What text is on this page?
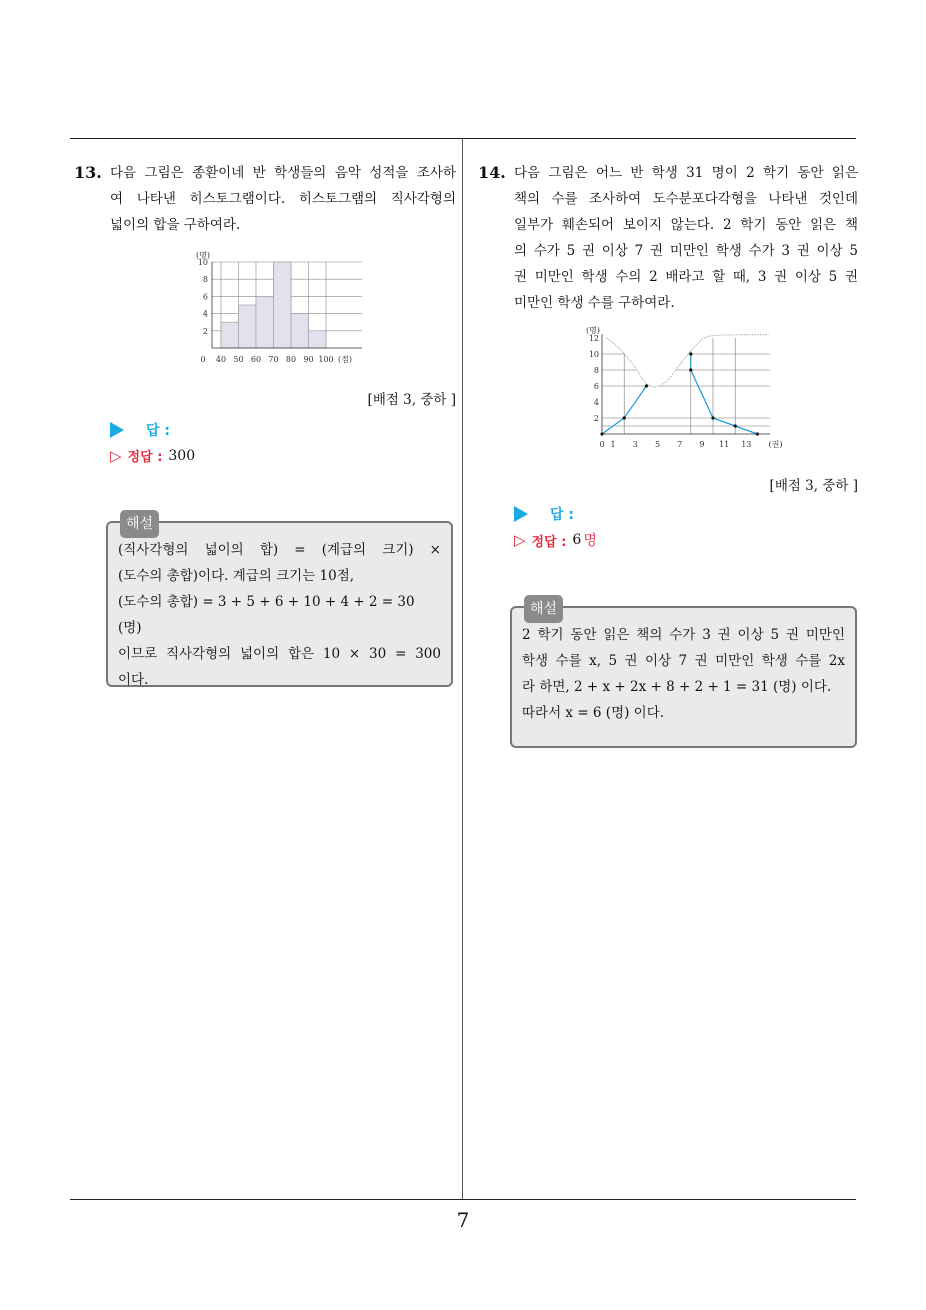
7
13. 다음 그림은 종환이네 반 학생들의 음악 성적을 조사하
여 나타낸 히스토그램이다. 히스토그램의 직사각형의
넓이의 합을 구하여라.
2
4
6
8
10
(명)
0 40 50 60 70 80 90 100 (점)
[배점 3, 중하 ]
답 :
▷ 정답 : 300
해설
(직사각형의 넓이의 합) = (계급의 크기) ×
(도수의 총합)이다. 계급의 크기는 10점,
(도수의 총합) = 3 + 5 + 6 + 10 + 4 + 2 = 30 (명)
이므로 직사각형의 넓이의 합은 10 × 30 = 300
이다.
14. 다음 그림은 어느 반 학생 31 명이 2 학기 동안 읽은
책의 수를 조사하여 도수분포다각형을 나타낸 것인데
일부가 훼손되어 보이지 않는다. 2 학기 동안 읽은 책
의 수가 5 권 이상 7 권 미만인 학생 수가 3 권 이상 5
권 미만인 학생 수의 2 배라고 할 때, 3 권 이상 5 권
미만인 학생 수를 구하여라.
2
4
6
8
10
12
(명)
0 1 3 5 7 9 11 13 (권)
[배점 3, 중하 ]
답 :
▷ 정답 : 6 명
해설
2 학기 동안 읽은 책의 수가 3 권 이상 5 권 미만인
학생 수를 x, 5 권 이상 7 권 미만인 학생 수를 2x
라 하면, 2 + x + 2x + 8 + 2 + 1 = 31 (명) 이다.
따라서 x = 6 (명) 이다.
